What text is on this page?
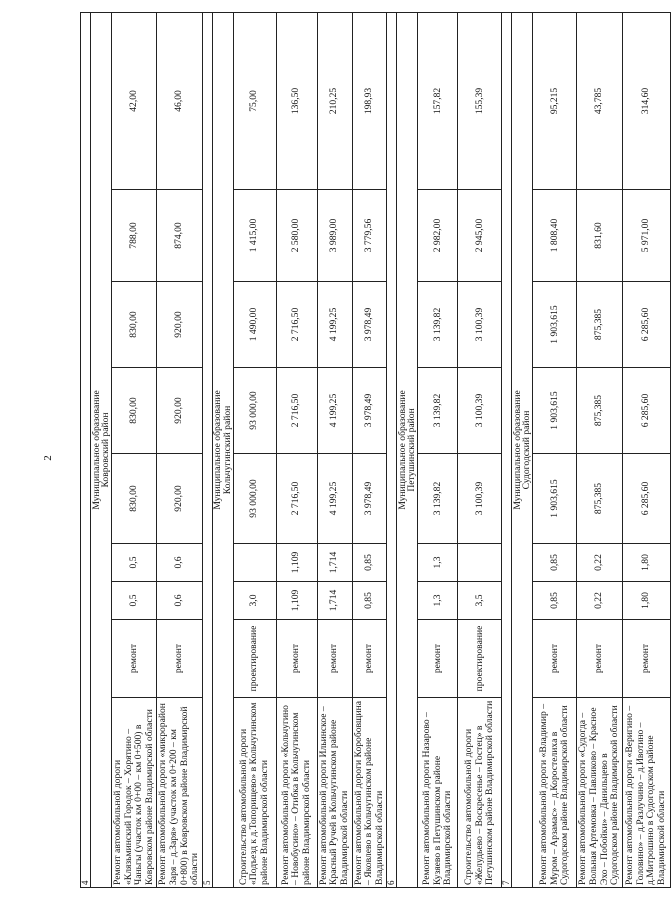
2
4								
Муниципальное образование
Ковровский район								
Ремонт автомобильной дороги «Клязьминский Городок – Хорятино – Чаньгы (участок км 0+00 – км 0+500) в Ковровском районе Владимирской области	ремонт	0,5	0,5	830,00	830,00	830,00	788,00	42,00
Ремонт автомобильной дороги «микрорайон Заря – д.Заря» (участок км 0+200 – км 0+800) в Ковровском районе Владимирской области	ремонт	0,6	0,6	920,00	920,00	920,00	874,00	46,00
5								
Муниципальное образование
Кольчугинский район								
Строительство автомобильной дороги «Подъезд к д.Топорищево» в Кольчугинском районе Владимирской области	проектирование	3,0		93 000,00	93 000,00	1 490,00	1 415,00	75,00
Ремонт автомобильной дороги «Кольчугино – Новобусино» – Отибка в Кольчугинском районе Владимирской области	ремонт	1,109	1,109	2 716,50	2 716,50	2 716,50	2 580,00	136,50
Ремонт автомобильной дороги Ильинское – Красный Ручей в Кольчугинском районе Владимирской области	ремонт	1,714	1,714	4 199,25	4 199,25	4 199,25	3 989,00	210,25
Ремонт автомобильной дороги Коробовщина – Яковлево в Кольчугинском районе Владимирской области	ремонт	0,85	0,85	3 978,49	3 978,49	3 978,49	3 779,56	198,93
6								
Муниципальное образование
Петушинский район								
Ремонт автомобильной дороги Назарово – Кузяево в Петушинском районе Владимирской области	ремонт	1,3	1,3	3 139,82	3 139,82	3 139,82	2 982,00	157,82
Строительство автомобильной дороги «Желудьево – Воскресенье – Гостец» в Петушинском районе Владимирской области	проектирование	3,5		3 100,39	3 100,39	3 100,39	2 945,00	155,39
7								
Муниципальное образование
Судогодский район								
Ремонт автомобильной дороги «Владимир – Муром – Арзамас» – д.Коростелиха в Судогодском районе Владимирской области	ремонт	0,85	0,85	1 903,615	1 903,615	1 903,615	1 808,40	95,215
Ремонт автомобильной дороги «Судогда – Вольная Артемовка – Павликово – Красное Эхо – Побойки» – Данильцево в Судогодском районе Владимирской области	ремонт	0,22	0,22	875,385	875,385	875,385	831,60	43,785
Ремонт автомобильной дороги «Веригино – Головино» – д.Разлучино – д.Ивотино – д.Митрошино в Судогодском районе Владимирской области	ремонт	1,80	1,80	6 285,60	6 285,60	6 285,60	5 971,00	314,60
